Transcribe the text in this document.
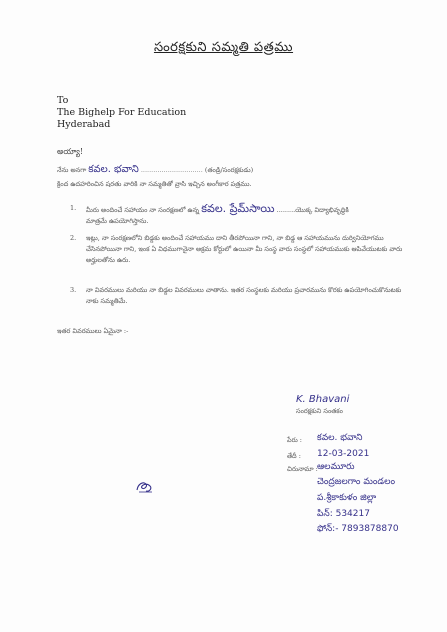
సంరక్షకుని సమ్మతి పత్రము
To
The Bighelp For Education
Hyderabad
అయ్యా!
నేను అనగా కవల. భవాని .............................. (తండ్రి/సంరక్షకుడు)
క్రింద ఉదహరించిన షరతు వారికి నా సమ్మతితో వ్రాసి ఇచ్చిన అంగీకార పత్రము.
1. మీరు అందించే సహాయం నా సంరక్షణలో ఉన్న కవల. ప్రేమ్‌సాయి .........యొక్క విద్యాభివృద్ధికి
మాత్రమే ఉపయోగిస్తాను.
2. ఇట్లు, నా సంరక్షణలోని బిడ్డకు అందించే సహాయము దాని తీరపోయినా గాని, నా బిడ్డ ఆ సహాయమును దుర్వినియోగము చేసినపోయినా గాని, ఇంక ఏ విధముగానైనా అక్రమ కోర్టులో ఉయినా మీ సంస్థ వారు సంస్థలో సహాయముకు ఆపివేయుటకు వారు అర్హులతోను ఉరు.
3. నా వివరములు మరియు నా బిడ్డల వివరములు చాతాను. ఇతర సంస్థలకు మరియు ప్రచారమును కొరకు ఉపయోగించుకొనుటకు నాకు సమ్మతిమే.
ఇతర వివరములు ఏమైనా :-
K. Bhavani
సంరక్షకుని సంతకం
పేరు : కవల. భవాని
తేదీ : 12-03-2021
చిరునామా : ఆలమూరు
చెంద్రజలగాం మండలం
ప.శ్రీకాకుళం జిల్లా
పిన్: 534217
ఫోన్:- 7893878870
